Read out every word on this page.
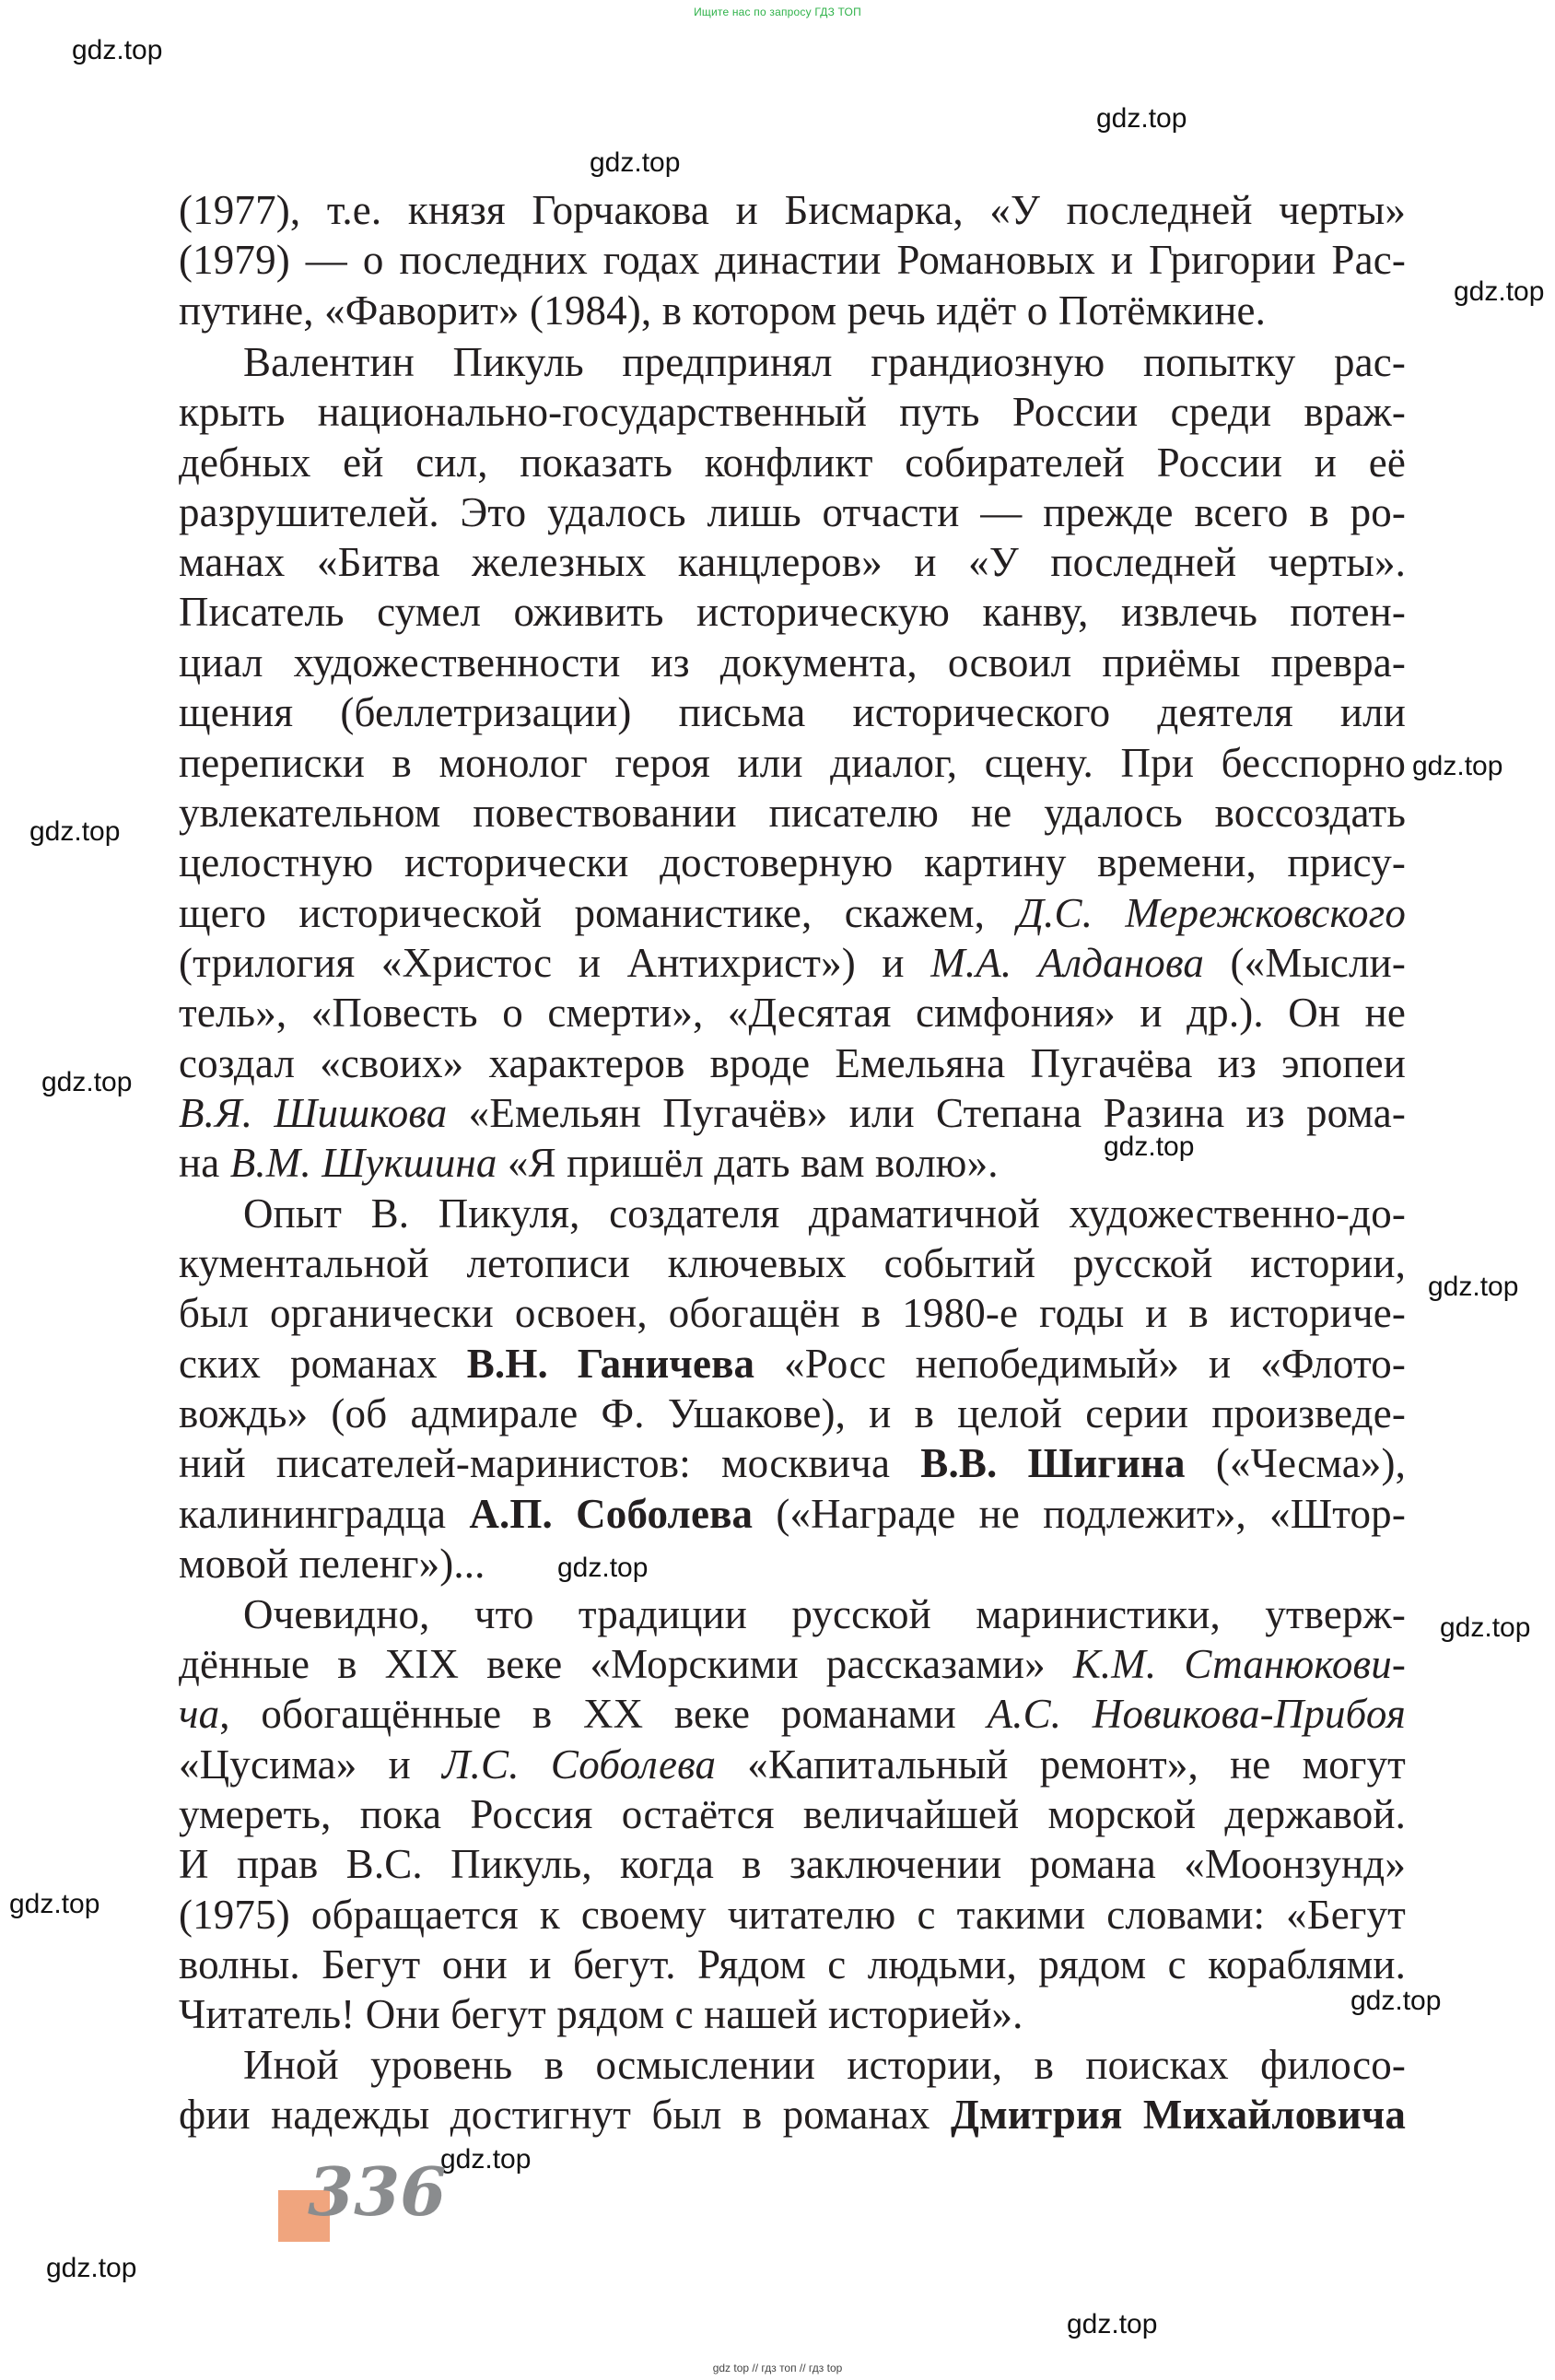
Ищите нас по запросу ГДЗ ТОП
(1977), т.е. князя Горчакова и Бисмарка, «У последней черты»
(1979) — о последних годах династии Романовых и Григории Рас-
путине, «Фаворит» (1984), в котором речь идёт о Потёмкине.
Валентин Пикуль предпринял грандиозную попытку рас-
крыть национально-государственный путь России среди враж-
дебных ей сил, показать конфликт собирателей России и её
разрушителей. Это удалось лишь отчасти — прежде всего в ро-
манах «Битва железных канцлеров» и «У последней черты».
Писатель сумел оживить историческую канву, извлечь потен-
циал художественности из документа, освоил приёмы превра-
щения (беллетризации) письма исторического деятеля или
переписки в монолог героя или диалог, сцену. При бесспорно
увлекательном повествовании писателю не удалось воссоздать
целостную исторически достоверную картину времени, прису-
щего исторической романистике, скажем, Д.С. Мережковского
(трилогия «Христос и Антихрист») и М.А. Алданова («Мысли-
тель», «Повесть о смерти», «Десятая симфония» и др.). Он не
создал «своих» характеров вроде Емельяна Пугачёва из эпопеи
В.Я. Шишкова «Емельян Пугачёв» или Степана Разина из рома-
на В.М. Шукшина «Я пришёл дать вам волю».
Опыт В. Пикуля, создателя драматичной художественно-до-
кументальной летописи ключевых событий русской истории,
был органически освоен, обогащён в 1980-е годы и в историче-
ских романах В.Н. Ганичева «Росс непобедимый» и «Флото-
вождь» (об адмирале Ф. Ушакове), и в целой серии произведе-
ний писателей-маринистов: москвича В.В. Шигина («Чесма»),
калининградца А.П. Соболева («Награде не подлежит», «Штор-
мовой пеленг»)...
Очевидно, что традиции русской маринистики, утверж-
дённые в XIX веке «Морскими рассказами» К.М. Станюкови-
ча, обогащённые в XX веке романами А.С. Новикова-Прибоя
«Цусима» и Л.С. Соболева «Капитальный ремонт», не могут
умереть, пока Россия остаётся величайшей морской державой.
И прав В.С. Пикуль, когда в заключении романа «Моонзунд»
(1975) обращается к своему читателю с такими словами: «Бегут
волны. Бегут они и бегут. Рядом с людьми, рядом с кораблями.
Читатель! Они бегут рядом с нашей историей».
Иной уровень в осмыслении истории, в поисках филосо-
фии надежды достигнут был в романах Дмитрия Михайловича
gdz.top
gdz.top
gdz.top
gdz.top
gdz.top
gdz.top
gdz.top
gdz.top
gdz.top
gdz.top
gdz.top
gdz.top
gdz.top
gdz.top
gdz.top
gdz.top
336
gdz top // гдз топ // гдз top
